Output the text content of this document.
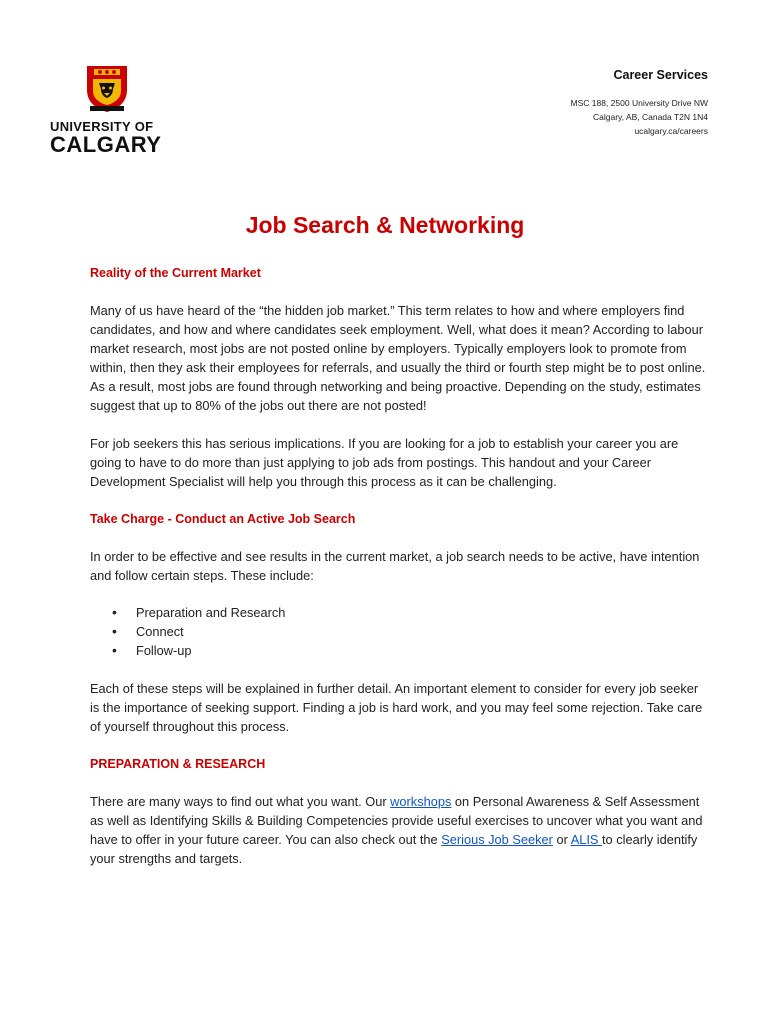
UNIVERSITY OF
CALGARY
Career Services
MSC 188, 2500 University Drive NW
Calgary, AB, Canada T2N 1N4
ucalgary.ca/careers
Job Search & Networking
Reality of the Current Market

Many of us have heard of the “the hidden job market.” This term relates to how and where employers find candidates, and how and where candidates seek employment. Well, what does it mean? According to labour market research, most jobs are not posted online by employers. Typically employers look to promote from within, then they ask their employees for referrals, and usually the third or fourth step might be to post online. As a result, most jobs are found through networking and being proactive. Depending on the study, estimates suggest that up to 80% of the jobs out there are not posted!

For job seekers this has serious implications. If you are looking for a job to establish your career you are going to have to do more than just applying to job ads from postings. This handout and your Career Development Specialist will help you through this process as it can be challenging.

Take Charge - Conduct an Active Job Search

In order to be effective and see results in the current market, a job search needs to be active, have intention and follow certain steps. These include:

• Preparation and Research
• Connect
• Follow-up

Each of these steps will be explained in further detail. An important element to consider for every job seeker is the importance of seeking support. Finding a job is hard work, and you may feel some rejection. Take care of yourself throughout this process.

PREPARATION & RESEARCH

There are many ways to find out what you want. Our workshops on Personal Awareness & Self Assessment as well as Identifying Skills & Building Competencies provide useful exercises to uncover what you want and have to offer in your future career. You can also check out the Serious Job Seeker or ALIS to clearly identify your strengths and targets.
